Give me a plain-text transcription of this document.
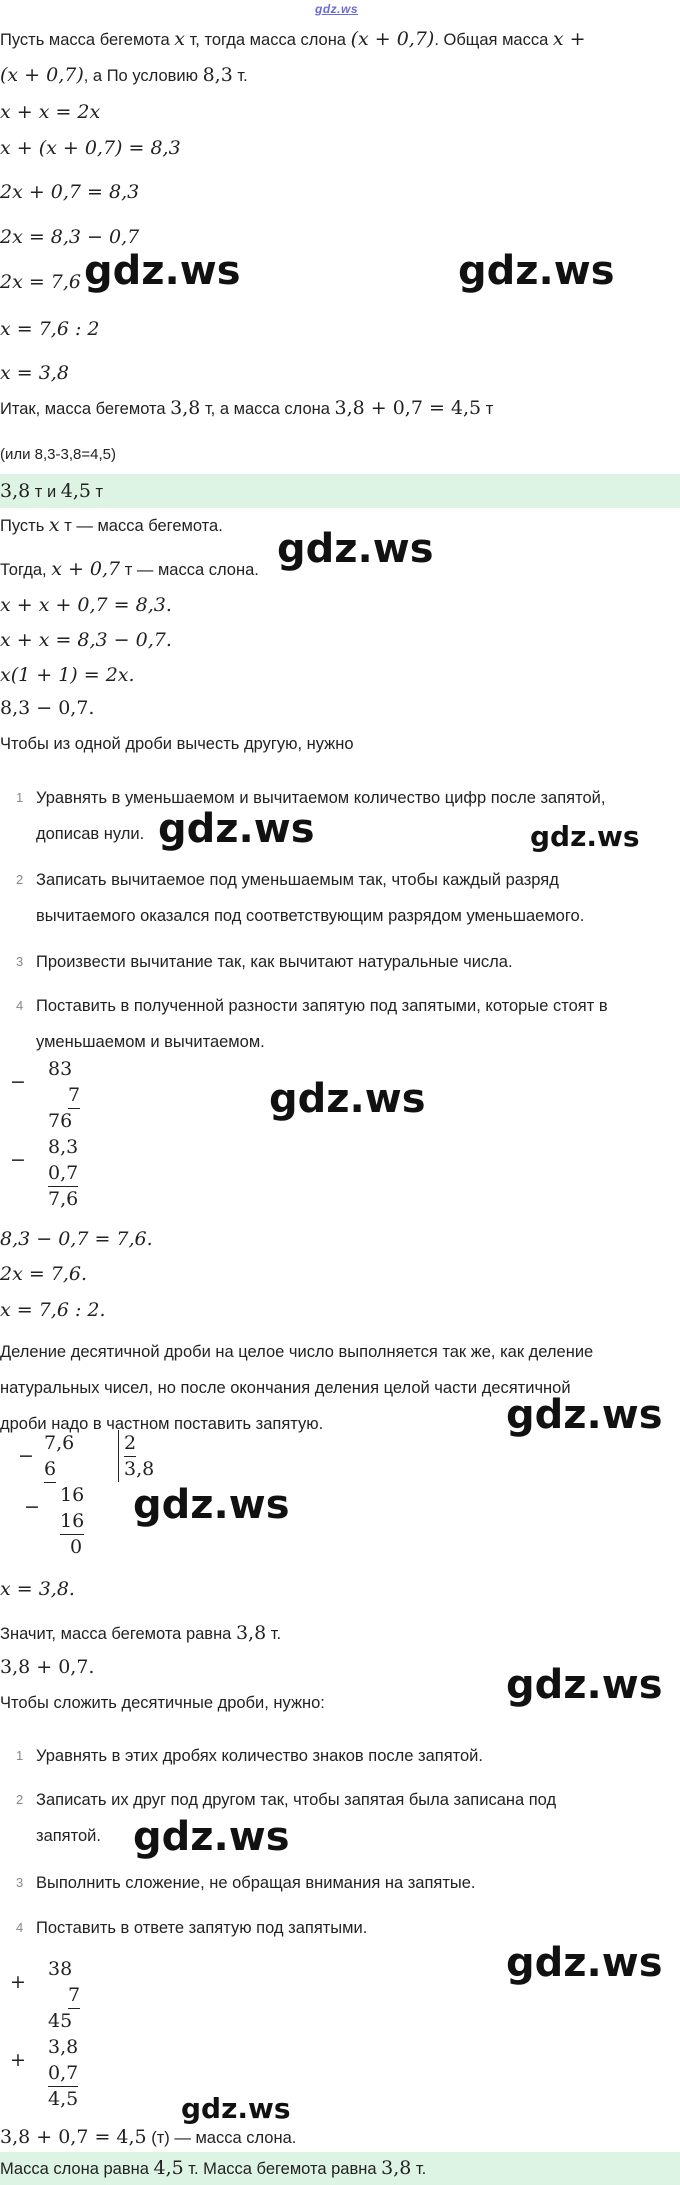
gdz.ws
Пусть масса бегемота x т, тогда масса слона (x + 0,7). Общая масса x +
(x + 0,7), а По условию 8,3 т.
x + x = 2x
x + (x + 0,7) = 8,3
2x + 0,7 = 8,3
2x = 8,3 − 0,7
2x = 7,6
x = 7,6 : 2
x = 3,8
Итак, масса бегемота 3,8 т, а масса слона 3,8 + 0,7 = 4,5 т
(или 8,3-3,8=4,5)
3,8 т и 4,5 т
Пусть x т — масса бегемота.
Тогда, x + 0,7 т — масса слона.
x + x + 0,7 = 8,3.
x + x = 8,3 − 0,7.
x(1 + 1) = 2x.
8,3 − 0,7.
Чтобы из одной дроби вычесть другую, нужно
1 Уравнять в уменьшаемом и вычитаемом количество цифр после запятой,
дописав нули.
2 Записать вычитаемое под уменьшаемым так, чтобы каждый разряд
вычитаемого оказался под соответствующим разрядом уменьшаемого.
3 Произвести вычитание так, как вычитают натуральные числа.
4 Поставить в полученной разности запятую под запятыми, которые стоят в
уменьшаемом и вычитаемом.
−
83
7
76
−
8,3
0,7
7,6
8,3 − 0,7 = 7,6.
2x = 7,6.
x = 7,6 : 2.
Деление десятичной дроби на целое число выполняется так же, как деление
натуральных чисел, но после окончания деления целой части десятичной
дроби надо в частном поставить запятую.
−
7,6
6
−
16
16
0
2
3,8
x = 3,8.
Значит, масса бегемота равна 3,8 т.
3,8 + 0,7.
Чтобы сложить десятичные дроби, нужно:
1 Уравнять в этих дробях количество знаков после запятой.
2 Записать их друг под другом так, чтобы запятая была записана под
запятой.
3 Выполнить сложение, не обращая внимания на запятые.
4 Поставить в ответе запятую под запятыми.
+
38
7
45
+
3,8
0,7
4,5
3,8 + 0,7 = 4,5 (т) — масса слона.
Масса слона равна 4,5 т. Масса бегемота равна 3,8 т.
gdz.ws	gdz.ws
gdz.ws
gdz.ws	gdz.ws
gdz.ws
gdz.ws
gdz.ws
gdz.ws
gdz.ws
gdz.ws
gdz.ws
